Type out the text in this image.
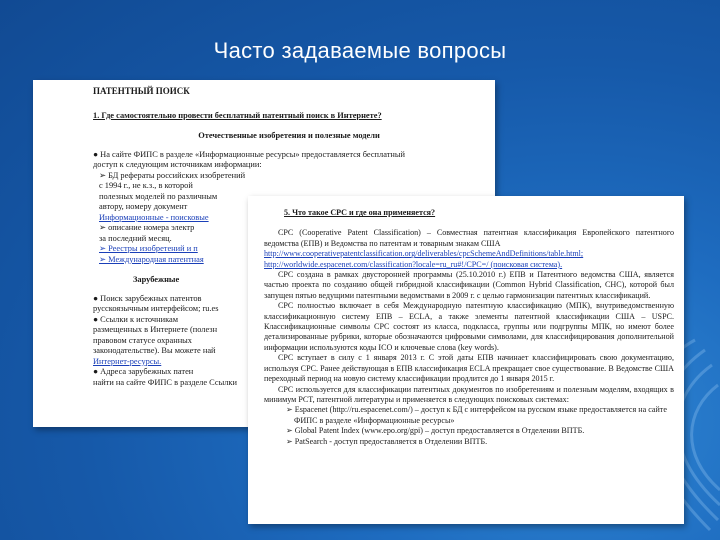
Часто задаваемые вопросы
ПАТЕНТНЫЙ ПОИСК
1. Где самостоятельно провести бесплатный патентный поиск в Интернете?
Отечественные изобретения и полезные модели

● На сайте ФИПС в разделе «Информационные ресурсы» предоставляется бесплатный

доступ к следующим источникам информации:

➢ БД рефераты российских изобретений

с 1994 г., не к.з., в которой

полезных моделей по различным

автору, номеру документ

Информационные - поисковые

➢ описание номера электр

за последний месяц.

➢ Реестры изобретений и п

➢ Международная патентная

Зарубежные

● Поиск зарубежных патентов

русскоязычным интерфейсом; ru.es

● Ссылки к источникам

размещенных в Интернете (полезн

правовом статусе охранных

законодательстве). Вы можете най

Интернет-ресурсы.

● Адреса зарубежных патен

найти на сайте ФИПС в разделе Ссылки

5. Что такое CPC и где она применяется?

CPC (Cooperative Patent Classification) – Совместная патентная классификация Европейского патентного ведомства (ЕПВ) и Ведомства по патентам и товарным знакам США

http://www.cooperativepatentclassification.org/deliverables/cpcSchemeAndDefinitions/table.html;

http://worldwide.espacenet.com/classification?locale=ru_ru#!/CPC=/ (поисковая система).

CPC создана в рамках двусторонней программы (25.10.2010 г.) ЕПВ и Патентного ведомства США, является частью проекта по созданию общей гибридной классификации (Common Hybrid Classification, CHC), которой был запущен пятью ведущими патентными ведомствами в 2009 г. с целью гармонизации патентных классификаций.

CPC полностью включает в себя Международную патентную классификацию (МПК), внутриведомственную классификационную систему ЕПВ – ECLA, а также элементы патентной классификации США – USPC. Классификационные символы CPC состоят из класса, подкласса, группы или подгруппы МПК, но имеют более детализированные рубрики, которые обозначаются цифровыми символами, для классифицирования дополнительной информации используются коды ICO и ключевые слова (key words).

CPC вступает в силу с 1 января 2013 г. С этой даты ЕПВ начинает классифицировать свою документацию, используя CPC. Ранее действующая в ЕПВ классификация ECLA прекращает свое существование. В Ведомстве США переходный период на новую систему классификации продлится до 1 января 2015 г.

CPC используется для классификации патентных документов по изобретениям и полезным моделям, входящих в минимум PCT, патентной литературы и применяется в следующих поисковых системах:

➢ Espacenet (http://ru.espacenet.com/) – доступ к БД с интерфейсом на русском языке предоставляется на сайте ФИПС в разделе «Информационные ресурсы»

➢ Global Patent Index (www.epo.org/gpi) – доступ предоставляется в Отделении ВПТБ.

➢ PatSearch - доступ предоставляется в Отделении ВПТБ.
